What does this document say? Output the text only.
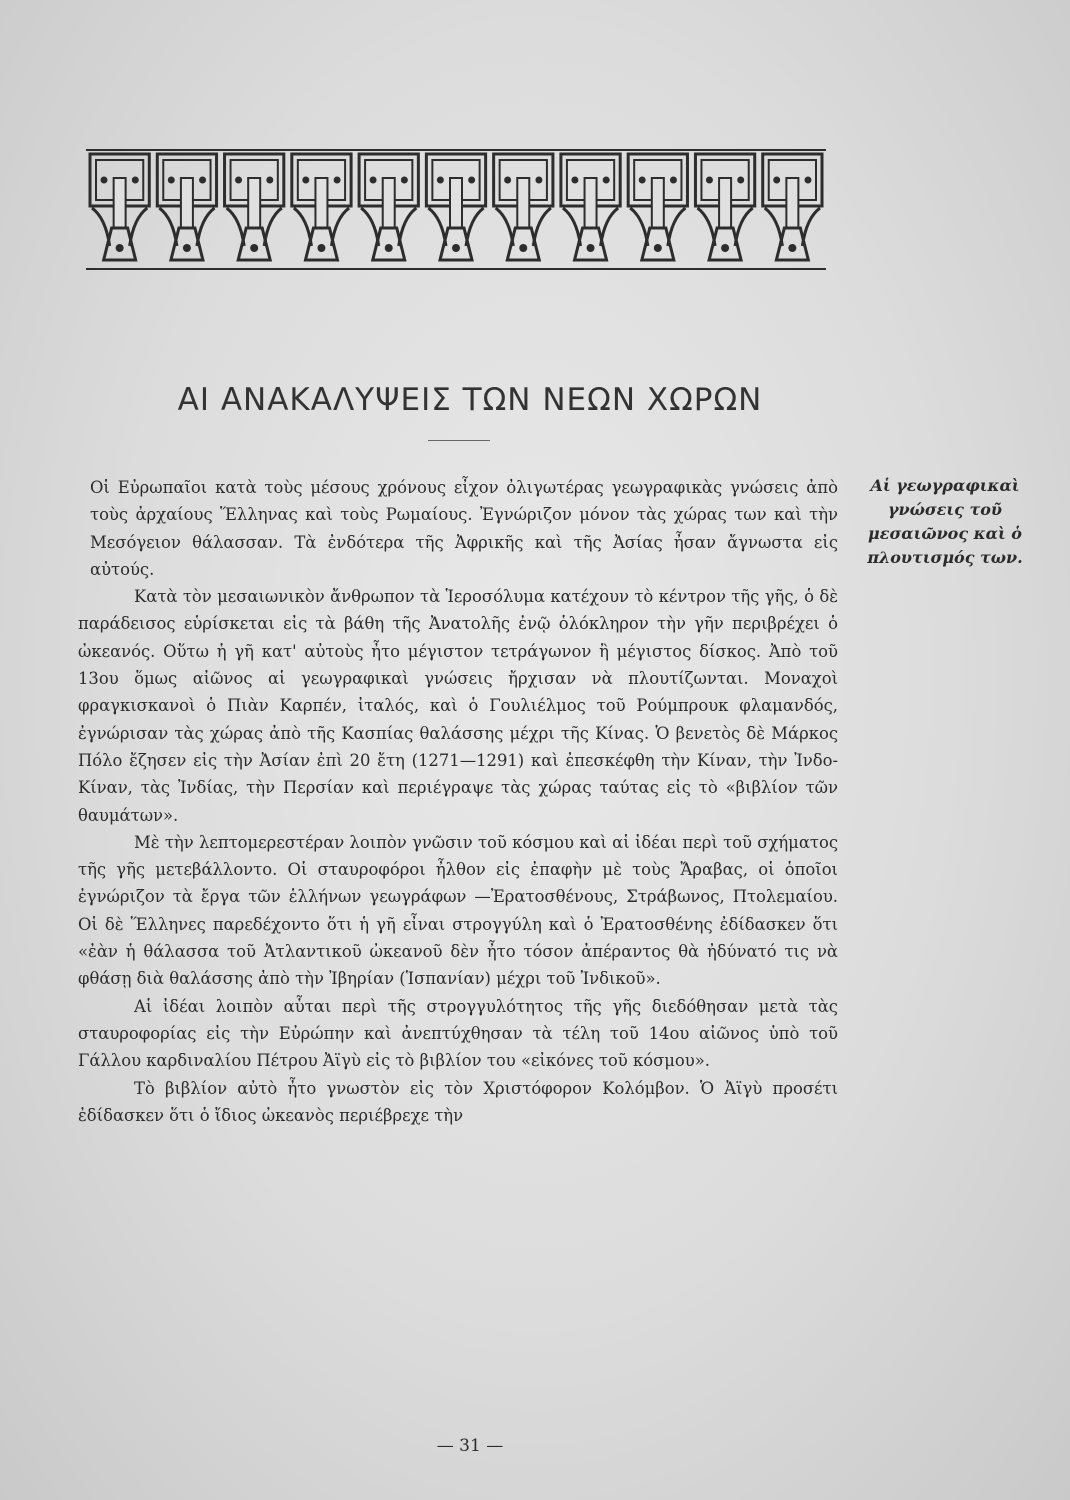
ΑΙ ΑΝΑΚΑΛΥΨΕΙΣ ΤΩΝ ΝΕΩΝ ΧΩΡΩΝ

Οἱ Εὐρωπαῖοι κατὰ τοὺς μέσους χρόνους εἶχον ὀλιγωτέρας γεωγραφικὰς γνώσεις ἀπὸ τοὺς ἀρχαίους Ἕλληνας καὶ τοὺς Ρωμαίους. Ἐγνώριζον μόνον τὰς χώρας των καὶ τὴν Μεσόγειον θάλασσαν. Τὰ ἐνδότερα τῆς Ἀφρικῆς καὶ τῆς Ἀσίας ἦσαν ἄγνωστα εἰς αὐτούς.

Κατὰ τὸν μεσαιωνικὸν ἄνθρωπον τὰ Ἱεροσόλυμα κατέχουν τὸ κέντρον τῆς γῆς, ὁ δὲ παράδεισος εὑρίσκεται εἰς τὰ βάθη τῆς Ἀνατολῆς ἐνῷ ὁλόκληρον τὴν γῆν περιβρέχει ὁ ὠκεανός. Οὕτω ἡ γῆ κατ' αὐτοὺς ἦτο μέγιστον τετράγωνον ἢ μέγιστος δίσκος. Ἀπὸ τοῦ 13ου ὅμως αἰῶνος αἱ γεωγραφικαὶ γνώσεις ἤρχισαν νὰ πλουτίζωνται. Μοναχοὶ φραγκισκανοὶ ὁ Πιὰν Καρπέν, ἰταλός, καὶ ὁ Γουλιέλμος τοῦ Ρούμπρουκ φλαμανδός, ἐγνώρισαν τὰς χώρας ἀπὸ τῆς Κασπίας θαλάσσης μέχρι τῆς Κίνας. Ὁ βενετὸς δὲ Μάρκος Πόλο ἔζησεν εἰς τὴν Ἀσίαν ἐπὶ 20 ἔτη (1271—1291) καὶ ἐπεσκέφθη τὴν Κίναν, τὴν Ἰνδο-Κίναν, τὰς Ἰνδίας, τὴν Περσίαν καὶ περιέγραψε τὰς χώρας ταύτας εἰς τὸ «βιβλίον τῶν θαυμάτων».

Μὲ τὴν λεπτομερεστέραν λοιπὸν γνῶσιν τοῦ κόσμου καὶ αἱ ἰδέαι περὶ τοῦ σχήματος τῆς γῆς μετεβάλλοντο. Οἱ σταυροφόροι ἦλθον εἰς ἐπαφὴν μὲ τοὺς Ἄραβας, οἱ ὁποῖοι ἐγνώριζον τὰ ἔργα τῶν ἑλλήνων γεωγράφων —Ἐρατοσθένους, Στράβωνος, Πτολεμαίου. Οἱ δὲ Ἕλληνες παρεδέχοντο ὅτι ἡ γῆ εἶναι στρογγύλη καὶ ὁ Ἐρατοσθένης ἐδίδασκεν ὅτι «ἐὰν ἡ θάλασσα τοῦ Ἀτλαντικοῦ ὠκεανοῦ δὲν ἦτο τόσον ἀπέραντος θὰ ἠδύνατό τις νὰ φθάσῃ διὰ θαλάσσης ἀπὸ τὴν Ἰβηρίαν (Ἱσπανίαν) μέχρι τοῦ Ἰνδικοῦ».

Αἱ ἰδέαι λοιπὸν αὗται περὶ τῆς στρογγυλότητος τῆς γῆς διεδόθησαν μετὰ τὰς σταυροφορίας εἰς τὴν Εὐρώπην καὶ ἀνεπτύχθησαν τὰ τέλη τοῦ 14ου αἰῶνος ὑπὸ τοῦ Γάλλου καρδιναλίου Πέτρου Ἀϊγὺ εἰς τὸ βιβλίον του «εἰκόνες τοῦ κόσμου».

Τὸ βιβλίον αὐτὸ ἦτο γνωστὸν εἰς τὸν Χριστόφορον Κολόμβον. Ὁ Ἀϊγὺ προσέτι ἐδίδασκεν ὅτι ὁ ἴδιος ὠκεανὸς περιέβρεχε τὴν

Αἱ γεωγραφικαὶ γνώσεις τοῦ μεσαιῶνος καὶ ὁ πλουτισμός των.
— 31 —
